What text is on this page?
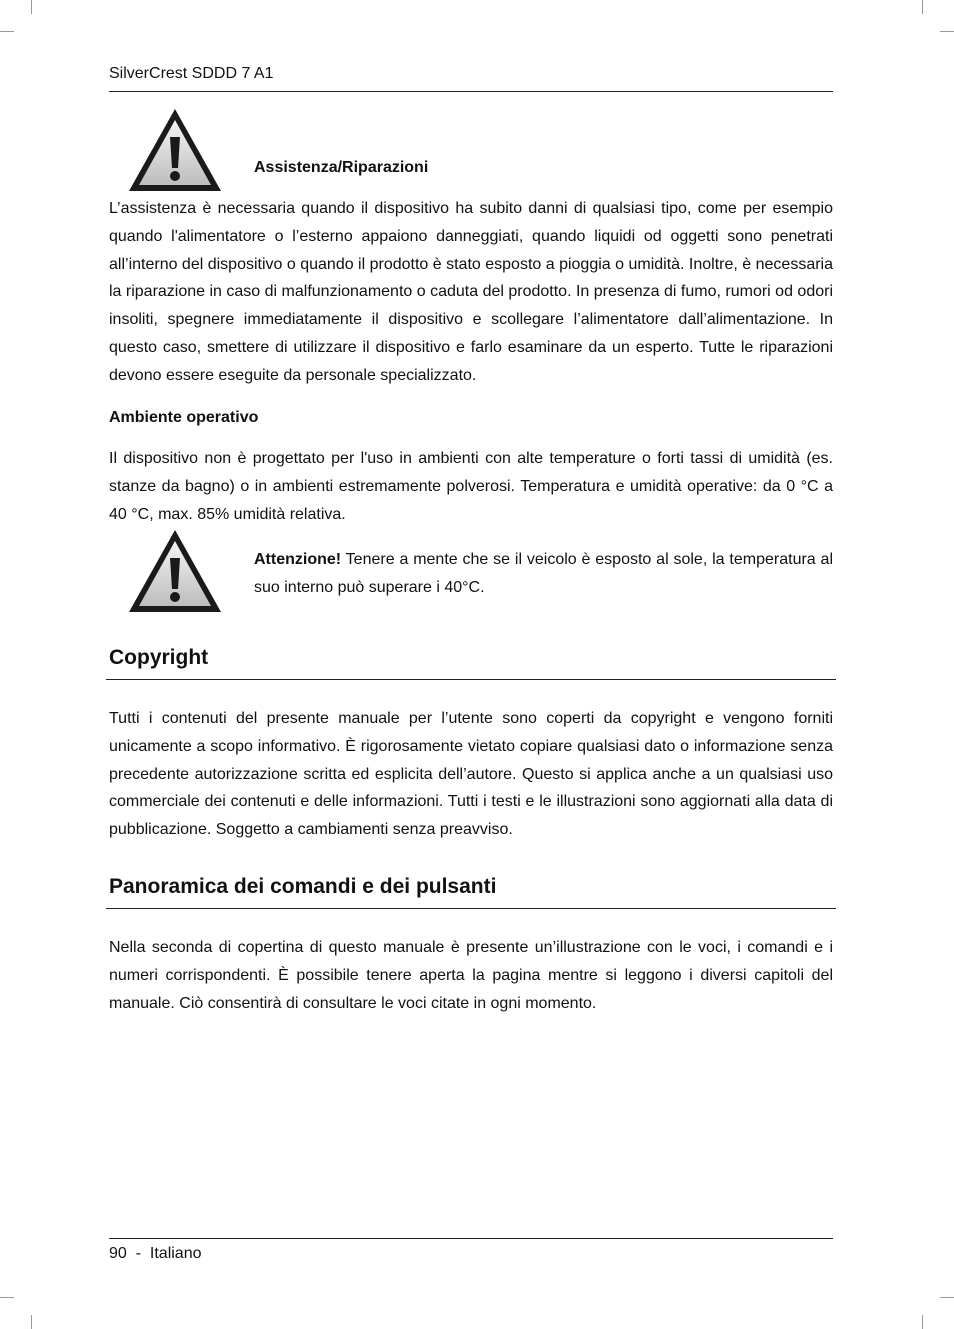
SilverCrest SDDD 7 A1
Assistenza/Riparazioni

L’assistenza è necessaria quando il dispositivo ha subito danni di qualsiasi tipo, come per esempio quando l'alimentatore o l’esterno appaiono danneggiati, quando liquidi od oggetti sono penetrati all’interno del dispositivo o quando il prodotto è stato esposto a pioggia o umidità. Inoltre, è necessaria la riparazione in caso di malfunzionamento o caduta del prodotto. In presenza di fumo, rumori od odori insoliti, spegnere immediatamente il dispositivo e scollegare l’alimentatore dall’alimentazione. In questo caso, smettere di utilizzare il dispositivo e farlo esaminare da un esperto. Tutte le riparazioni devono essere eseguite da personale specializzato.

Ambiente operativo

Il dispositivo non è progettato per l'uso in ambienti con alte temperature o forti tassi di umidità (es. stanze da bagno) o in ambienti estremamente polverosi. Temperatura e umidità operative: da 0 °C a 40 °C, max. 85% umidità relativa.

Attenzione! Tenere a mente che se il veicolo è esposto al sole, la temperatura al suo interno può superare i 40°C.

Copyright

Tutti i contenuti del presente manuale per l’utente sono coperti da copyright e vengono forniti unicamente a scopo informativo. È rigorosamente vietato copiare qualsiasi dato o informazione senza precedente autorizzazione scritta ed esplicita dell’autore. Questo si applica anche a un qualsiasi uso commerciale dei contenuti e delle informazioni. Tutti i testi e le illustrazioni sono aggiornati alla data di pubblicazione. Soggetto a cambiamenti senza preavviso.

Panoramica dei comandi e dei pulsanti

Nella seconda di copertina di questo manuale è presente un’illustrazione con le voci, i comandi e i numeri corrispondenti. È possibile tenere aperta la pagina mentre si leggono i diversi capitoli del manuale. Ciò consentirà di consultare le voci citate in ogni momento.

90  -  Italiano
